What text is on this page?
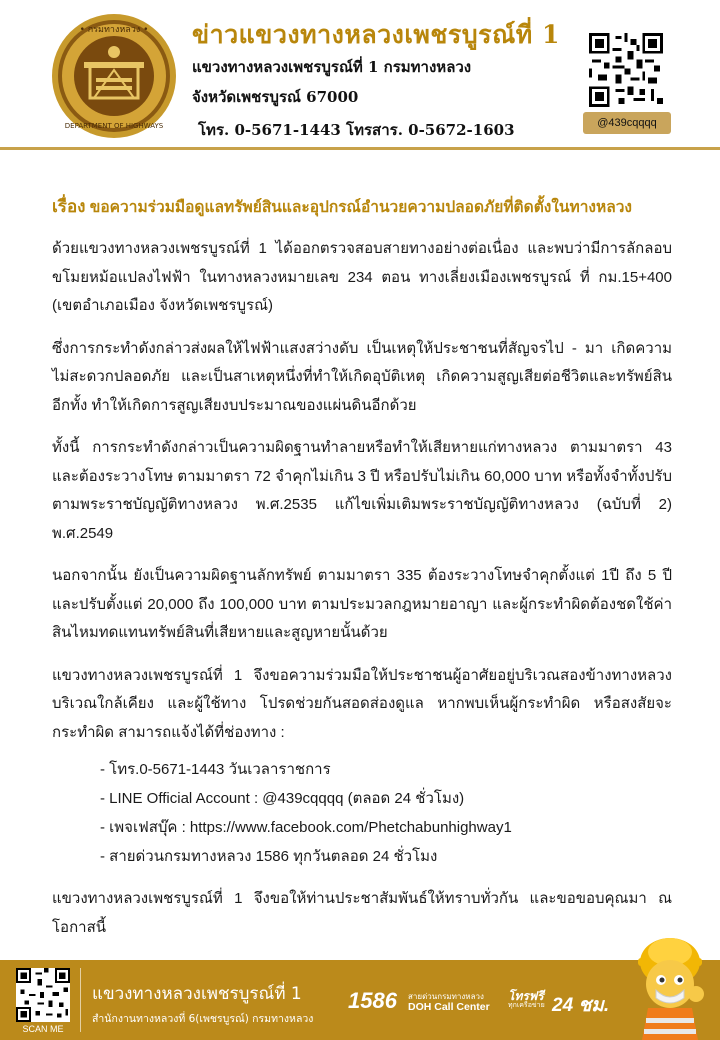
• กรมทางหลวง •
DEPARTMENT OF HIGHWAYS
ข่าวแขวงทางหลวงเพชรบูรณ์ที่ 1
แขวงทางหลวงเพชรบูรณ์ที่ 1 กรมทางหลวง
จังหวัดเพชรบูรณ์ 67000
โทร. 0-5671-1443 โทรสาร. 0-5672-1603	@439cqqqq
เรื่อง ขอความร่วมมือดูแลทรัพย์สินและอุปกรณ์อำนวยความปลอดภัยที่ติดตั้งในทางหลวง

ด้วยแขวงทางหลวงเพชรบูรณ์ที่ 1 ได้ออกตรวจสอบสายทางอย่างต่อเนื่อง และพบว่ามีการลักลอบขโมยหม้อแปลงไฟฟ้า ในทางหลวงหมายเลข 234 ตอน ทางเลี่ยงเมืองเพชรบูรณ์ ที่ กม.15+400 (เขตอำเภอเมือง จังหวัดเพชรบูรณ์)

ซึ่งการกระทำดังกล่าวส่งผลให้ไฟฟ้าแสงสว่างดับ เป็นเหตุให้ประชาชนที่สัญจรไป - มา เกิดความไม่สะดวกปลอดภัย และเป็นสาเหตุหนึ่งที่ทำให้เกิดอุบัติเหตุ เกิดความสูญเสียต่อชีวิตและทรัพย์สิน อีกทั้ง ทำให้เกิดการสูญเสียงบประมาณของแผ่นดินอีกด้วย

ทั้งนี้ การกระทำดังกล่าวเป็นความผิดฐานทำลายหรือทำให้เสียหายแก่ทางหลวง ตามมาตรา 43 และต้องระวางโทษ ตามมาตรา 72 จำคุกไม่เกิน 3 ปี หรือปรับไม่เกิน 60,000 บาท หรือทั้งจำทั้งปรับ ตามพระราชบัญญัติทางหลวง พ.ศ.2535 แก้ไขเพิ่มเติมพระราชบัญญัติทางหลวง (ฉบับที่ 2) พ.ศ.2549

นอกจากนั้น ยังเป็นความผิดฐานลักทรัพย์ ตามมาตรา 335 ต้องระวางโทษจำคุกตั้งแต่ 1ปี ถึง 5 ปี และปรับตั้งแต่ 20,000 ถึง 100,000 บาท ตามประมวลกฎหมายอาญา และผู้กระทำผิดต้องชดใช้ค่าสินไหมทดแทนทรัพย์สินที่เสียหายและสูญหายนั้นด้วย

แขวงทางหลวงเพชรบูรณ์ที่ 1 จึงขอความร่วมมือให้ประชาชนผู้อาศัยอยู่บริเวณสองข้างทางหลวง บริเวณใกล้เคียง และผู้ใช้ทาง โปรดช่วยกันสอดส่องดูแล หากพบเห็นผู้กระทำผิด หรือสงสัยจะกระทำผิด สามารถแจ้งได้ที่ช่องทาง :

- โทร.0-5671-1443 วันเวลาราชการ
- LINE Official Account : @439cqqqq (ตลอด 24 ชั่วโมง)
- เพจเฟสบุ๊ค : https://www.facebook.com/Phetchabunhighway1
- สายด่วนกรมทางหลวง 1586 ทุกวันตลอด 24 ชั่วโมง

แขวงทางหลวงเพชรบูรณ์ที่ 1 จึงขอให้ท่านประชาสัมพันธ์ให้ทราบทั่วกัน และขอขอบคุณมา ณ โอกาสนี้

SCAN ME
แขวงทางหลวงเพชรบูรณ์ที่ 1
สำนักงานทางหลวงที่ 6(เพชรบูรณ์) กรมทางหลวง
1586 สายด่วนกรมทางหลวง
DOH Call Center
โทรฟรี
ทุกเครือข่าย 24 ชม.
